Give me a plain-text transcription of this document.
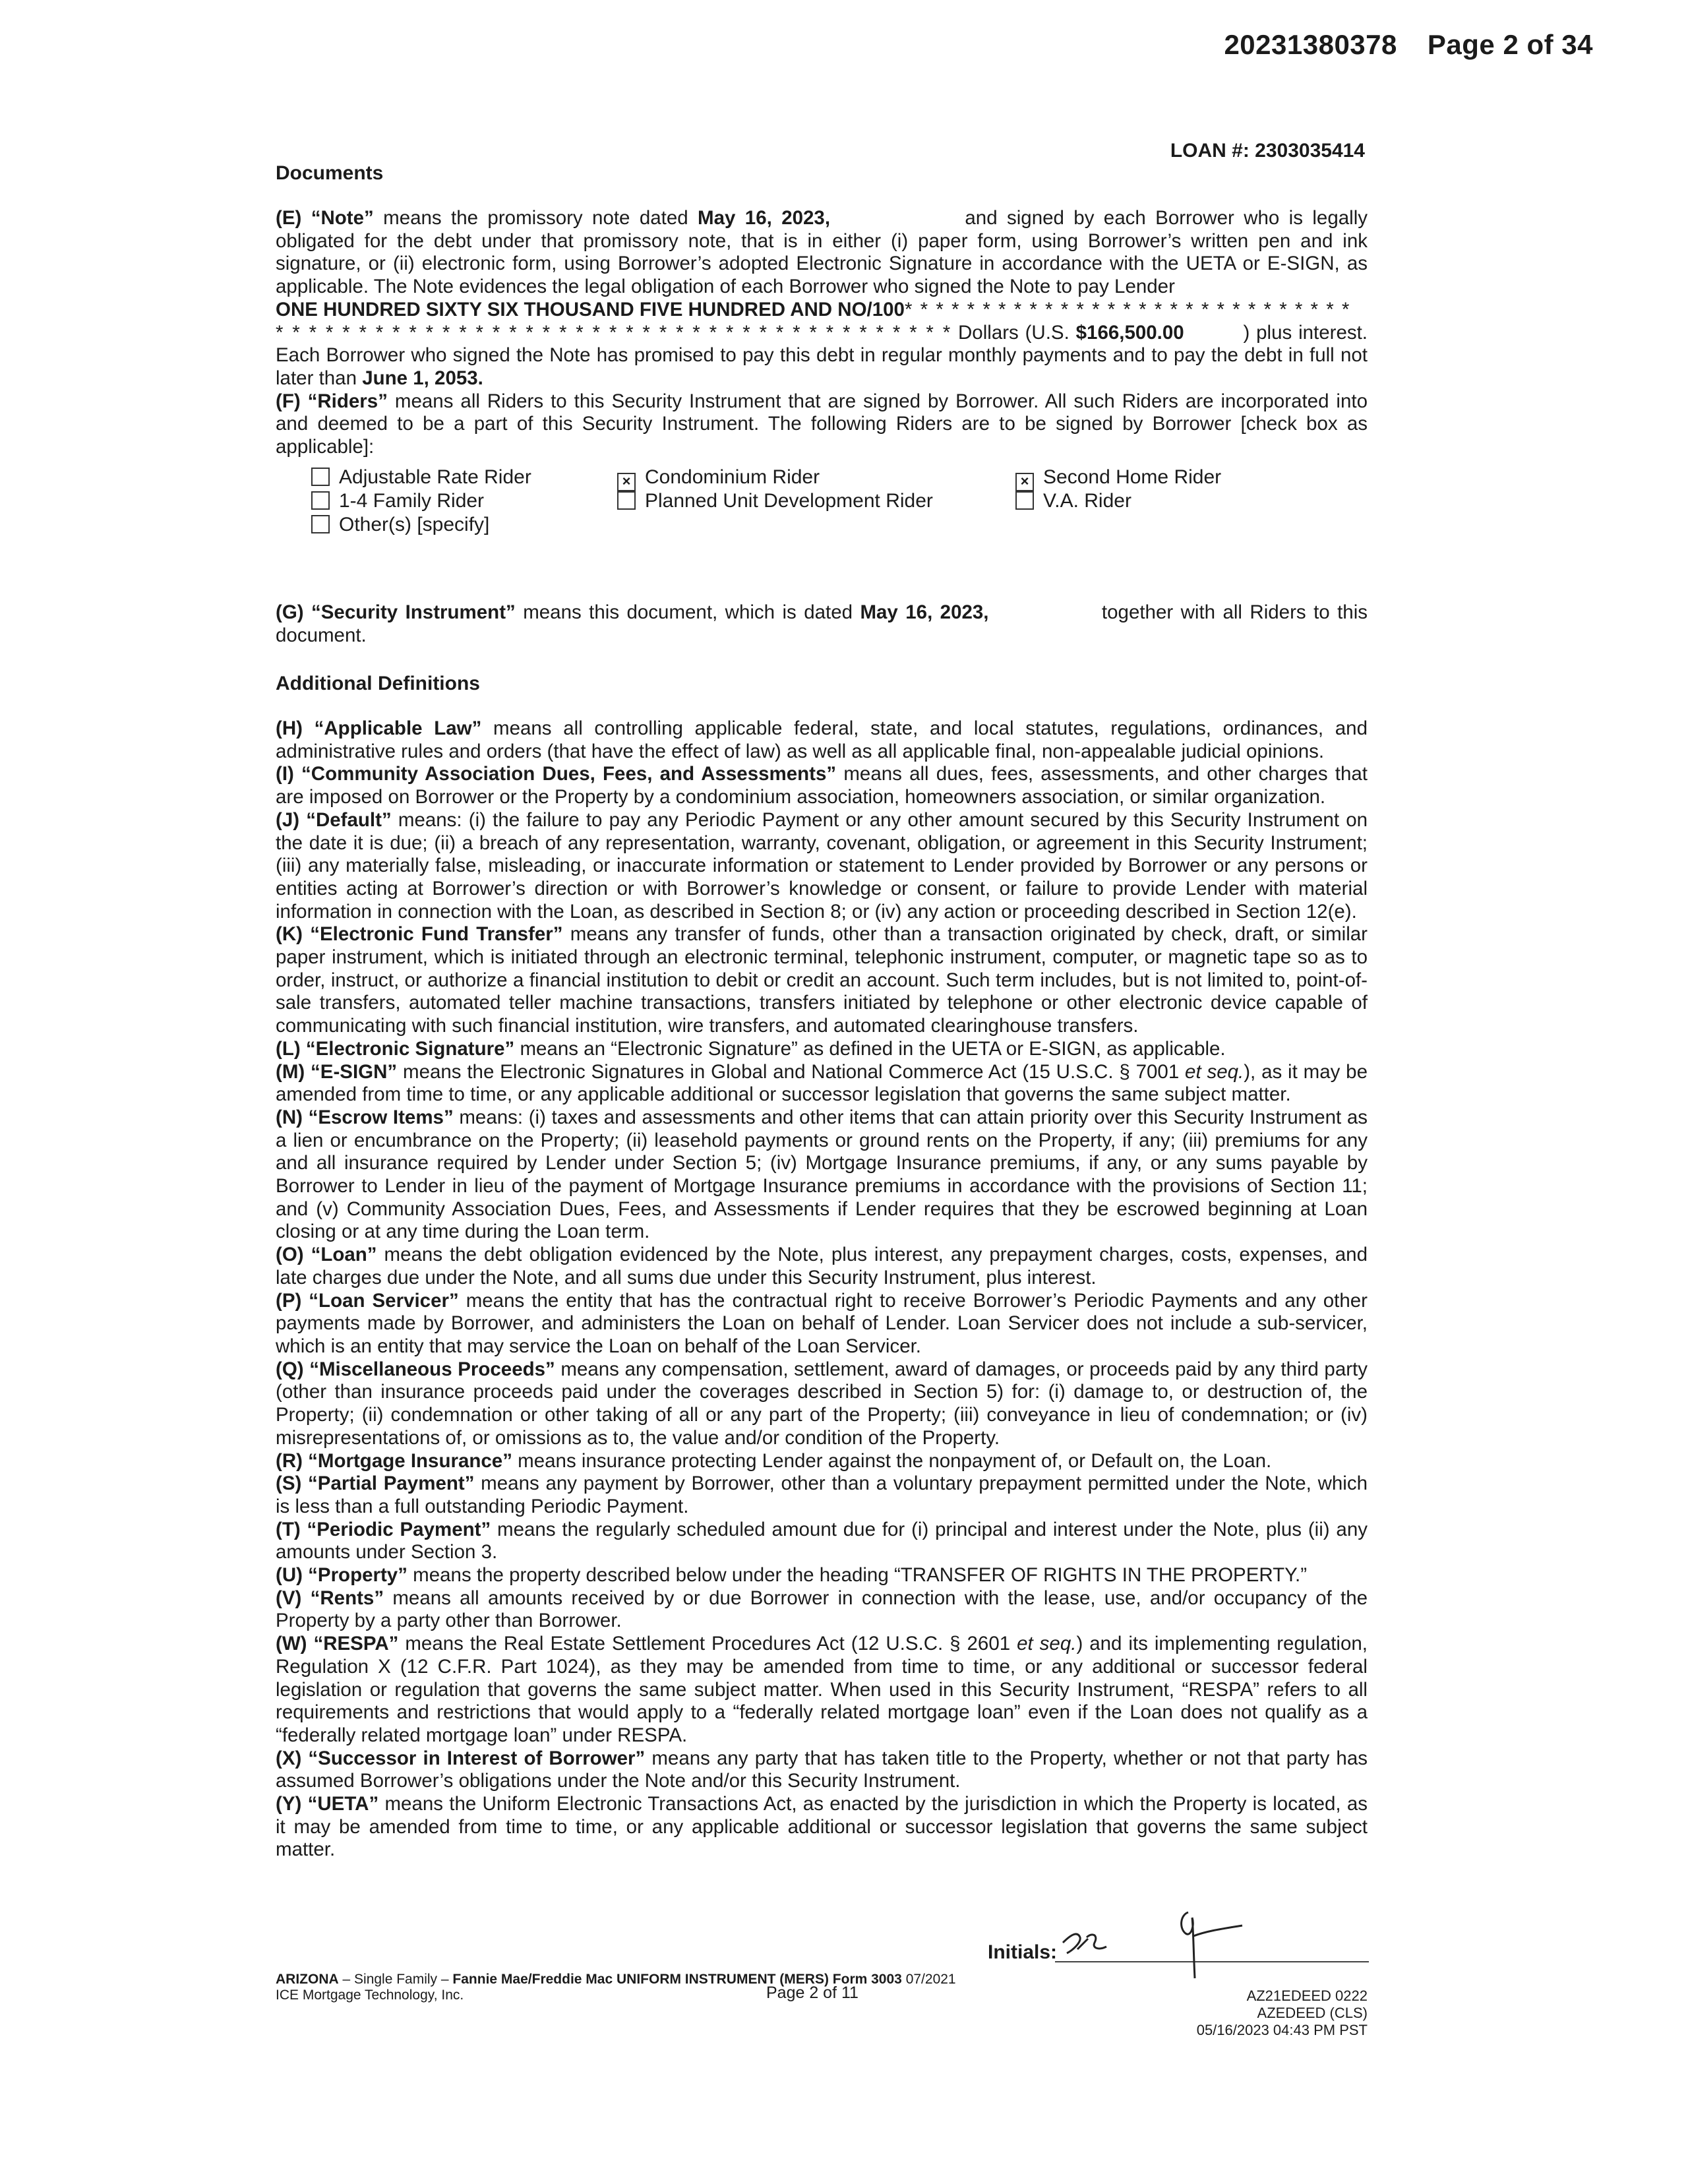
20231380378 Page 2 of 34
LOAN #: 2303035414
Documents

(E) “Note” means the promissory note dated May 16, 2023,	and signed by each Borrower who is legally obligated for the debt under that promissory note, that is in either (i) paper form, using Borrower’s written pen and ink signature, or (ii) electronic form, using Borrower’s adopted Electronic Signature in accordance with the UETA or E-SIGN, as applicable. The Note evidences the legal obligation of each Borrower who signed the Note to pay Lender

ONE HUNDRED SIXTY SIX THOUSAND FIVE HUNDRED AND NO/100* * * * * * * * * * * * * * * * * * * * * * * * * * * * *

* * * * * * * * * * * * * * * * * * * * * * * * * * * * * * * * * * * * * * * * * Dollars (U.S. $166,500.00	) plus interest. Each Borrower who signed the Note has promised to pay this debt in regular monthly payments and to pay the debt in full not later than June 1, 2053.

(F) “Riders” means all Riders to this Security Instrument that are signed by Borrower. All such Riders are incorporated into and deemed to be a part of this Security Instrument. The following Riders are to be signed by Borrower [check box as applicable]:

Adjustable Rate Rider	× Condominium Rider	× Second Home Rider
1-4 Family Rider	Planned Unit Development Rider	V.A. Rider
Other(s) [specify]

(G) “Security Instrument” means this document, which is dated May 16, 2023,	together with all Riders to this document.

Additional Definitions

(H) “Applicable Law” means all controlling applicable federal, state, and local statutes, regulations, ordinances, and administrative rules and orders (that have the effect of law) as well as all applicable final, non-appealable judicial opinions.

(I) “Community Association Dues, Fees, and Assessments” means all dues, fees, assessments, and other charges that are imposed on Borrower or the Property by a condominium association, homeowners association, or similar organization.

(J) “Default” means: (i) the failure to pay any Periodic Payment or any other amount secured by this Security Instrument on the date it is due; (ii) a breach of any representation, warranty, covenant, obligation, or agreement in this Security Instrument; (iii) any materially false, misleading, or inaccurate information or statement to Lender provided by Borrower or any persons or entities acting at Borrower’s direction or with Borrower’s knowledge or consent, or failure to provide Lender with material information in connection with the Loan, as described in Section 8; or (iv) any action or proceeding described in Section 12(e).

(K) “Electronic Fund Transfer” means any transfer of funds, other than a transaction originated by check, draft, or similar paper instrument, which is initiated through an electronic terminal, telephonic instrument, computer, or magnetic tape so as to order, instruct, or authorize a financial institution to debit or credit an account. Such term includes, but is not limited to, point-of-sale transfers, automated teller machine transactions, transfers initiated by telephone or other electronic device capable of communicating with such financial institution, wire transfers, and automated clearinghouse transfers.

(L) “Electronic Signature” means an “Electronic Signature” as defined in the UETA or E-SIGN, as applicable.

(M) “E-SIGN” means the Electronic Signatures in Global and National Commerce Act (15 U.S.C. § 7001 et seq.), as it may be amended from time to time, or any applicable additional or successor legislation that governs the same subject matter.

(N) “Escrow Items” means: (i) taxes and assessments and other items that can attain priority over this Security Instrument as a lien or encumbrance on the Property; (ii) leasehold payments or ground rents on the Property, if any; (iii) premiums for any and all insurance required by Lender under Section 5; (iv) Mortgage Insurance premiums, if any, or any sums payable by Borrower to Lender in lieu of the payment of Mortgage Insurance premiums in accordance with the provisions of Section 11; and (v) Community Association Dues, Fees, and Assessments if Lender requires that they be escrowed beginning at Loan closing or at any time during the Loan term.

(O) “Loan” means the debt obligation evidenced by the Note, plus interest, any prepayment charges, costs, expenses, and late charges due under the Note, and all sums due under this Security Instrument, plus interest.

(P) “Loan Servicer” means the entity that has the contractual right to receive Borrower’s Periodic Payments and any other payments made by Borrower, and administers the Loan on behalf of Lender. Loan Servicer does not include a sub-servicer, which is an entity that may service the Loan on behalf of the Loan Servicer.

(Q) “Miscellaneous Proceeds” means any compensation, settlement, award of damages, or proceeds paid by any third party (other than insurance proceeds paid under the coverages described in Section 5) for: (i) damage to, or destruction of, the Property; (ii) condemnation or other taking of all or any part of the Property; (iii) conveyance in lieu of condemnation; or (iv) misrepresentations of, or omissions as to, the value and/or condition of the Property.

(R) “Mortgage Insurance” means insurance protecting Lender against the nonpayment of, or Default on, the Loan.

(S) “Partial Payment” means any payment by Borrower, other than a voluntary prepayment permitted under the Note, which is less than a full outstanding Periodic Payment.

(T) “Periodic Payment” means the regularly scheduled amount due for (i) principal and interest under the Note, plus (ii) any amounts under Section 3.

(U) “Property” means the property described below under the heading “TRANSFER OF RIGHTS IN THE PROPERTY.”

(V) “Rents” means all amounts received by or due Borrower in connection with the lease, use, and/or occupancy of the Property by a party other than Borrower.

(W) “RESPA” means the Real Estate Settlement Procedures Act (12 U.S.C. § 2601 et seq.) and its implementing regulation, Regulation X (12 C.F.R. Part 1024), as they may be amended from time to time, or any additional or successor federal legislation or regulation that governs the same subject matter. When used in this Security Instrument, “RESPA” refers to all requirements and restrictions that would apply to a “federally related mortgage loan” even if the Loan does not qualify as a “federally related mortgage loan” under RESPA.

(X) “Successor in Interest of Borrower” means any party that has taken title to the Property, whether or not that party has assumed Borrower’s obligations under the Note and/or this Security Instrument.

(Y) “UETA” means the Uniform Electronic Transactions Act, as enacted by the jurisdiction in which the Property is located, as it may be amended from time to time, or any applicable additional or successor legislation that governs the same subject matter.

Initials:
ARIZONA – Single Family – Fannie Mae/Freddie Mac UNIFORM INSTRUMENT (MERS) Form 3003 07/2021
ICE Mortgage Technology, Inc.	Page 2 of 11	AZ21EDEED 0222
AZEDEED (CLS)
05/16/2023 04:43 PM PST
